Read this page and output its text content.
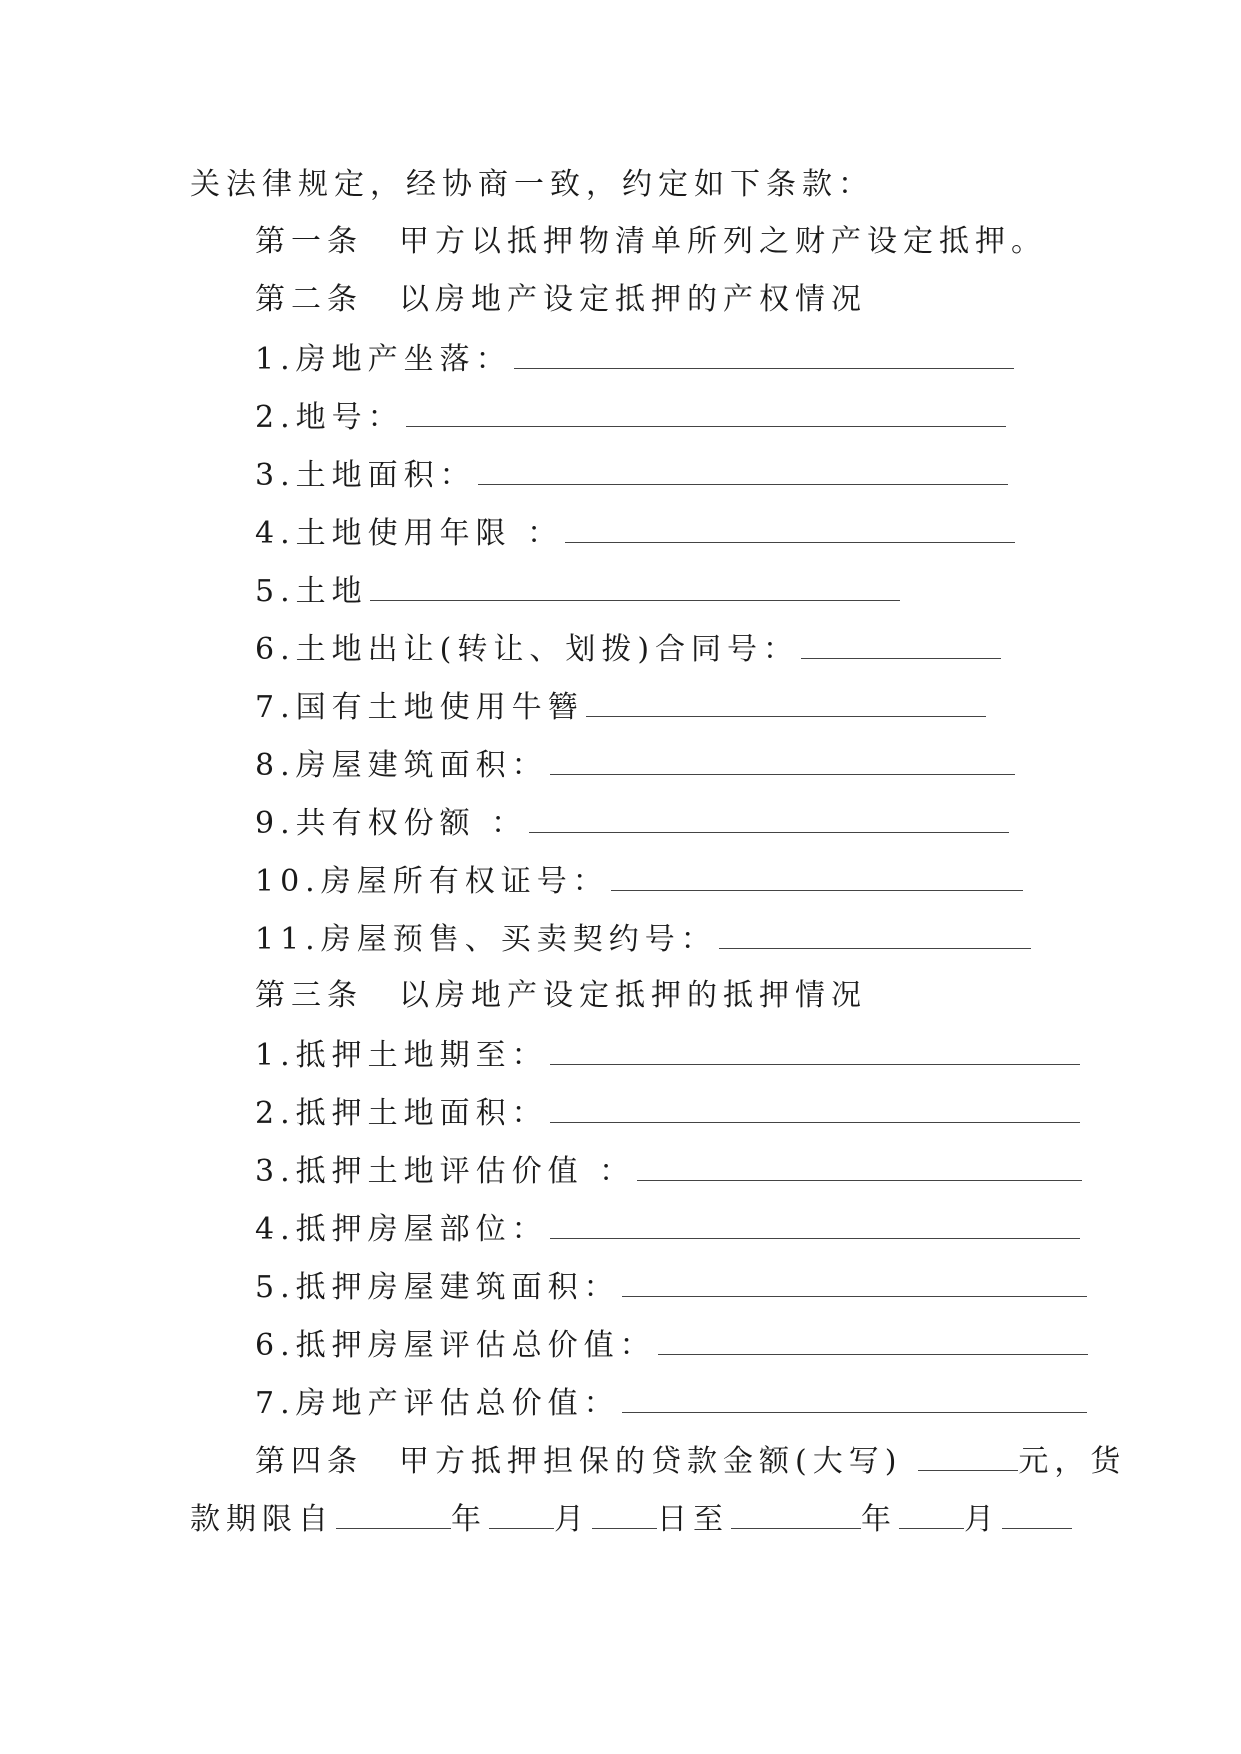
关法律规定，经协商一致，约定如下条款：
第一条　甲方以抵押物清单所列之财产设定抵押。
第二条　以房地产设定抵押的产权情况
1.房地产坐落：
2.地号：
3.土地面积：
4.土地使用年限 ：
5.土地
6.土地出让(转让、划拨)合同号：
7.国有土地使用牛簪
8.房屋建筑面积：
9.共有权份额 ：
10.房屋所有权证号：
11.房屋预售、买卖契约号：
第三条　以房地产设定抵押的抵押情况
1.抵押土地期至：
2.抵押土地面积：
3.抵押土地评估价值 ：
4.抵押房屋部位：
5.抵押房屋建筑面积：
6.抵押房屋评估总价值：
7.房地产评估总价值：
第四条　甲方抵押担保的贷款金额(大写)	元，货
款期限自	年 月 日至	年 月
